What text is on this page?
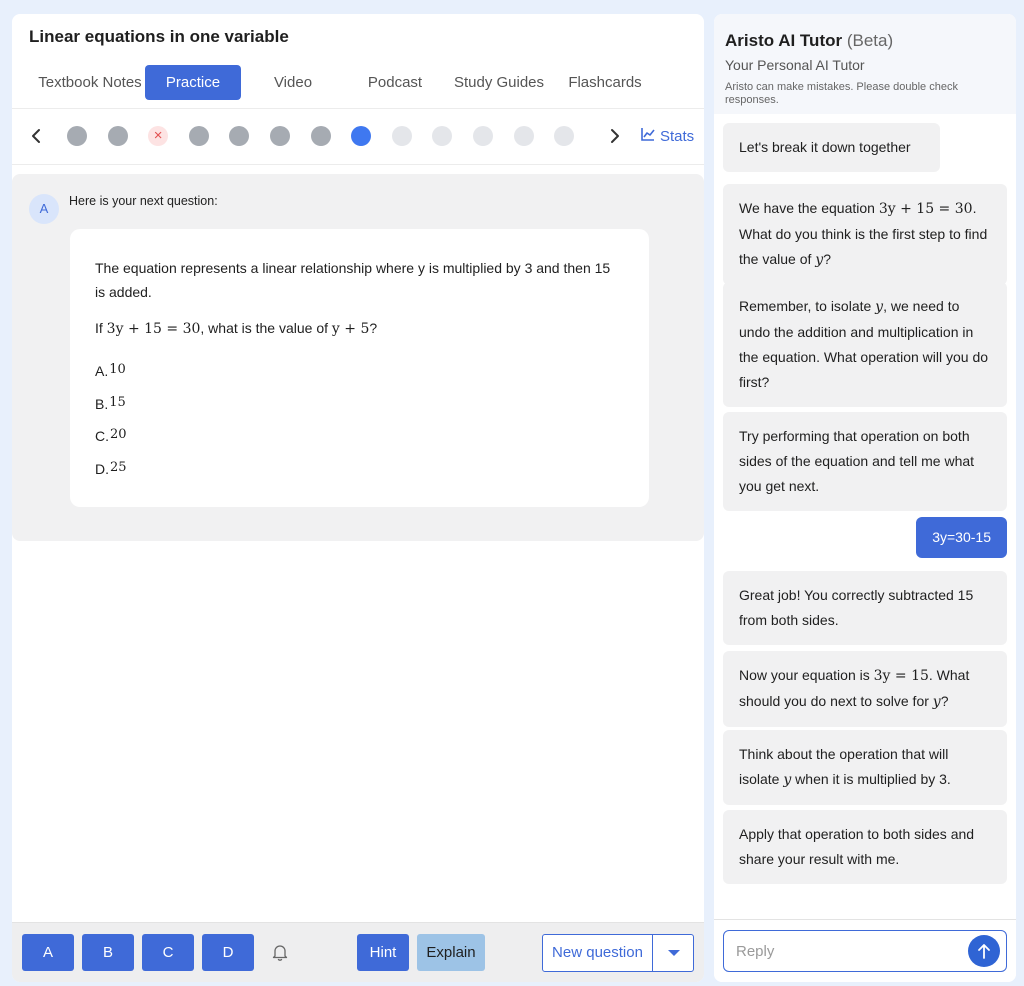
Linear equations in one variable
Textbook Notes	Practice	Video	Podcast	Study Guides	Flashcards
×	Stats
A	Here is your next question:
The equation represents a linear relationship where y is multiplied by 3 and then 15 is added.
If 3y + 15 = 30, what is the value of y + 5?
A.10
B.15
C.20
D.25
A	B	C	D	Hint	Explain	New question
Aristo AI Tutor (Beta)
Your Personal AI Tutor
Aristo can make mistakes. Please double check responses.
Let's break it down together
We have the equation 3y + 15 = 30. What do you think is the first step to find the value of y?
Remember, to isolate y, we need to undo the addition and multiplication in the equation. What operation will you do first?
Try performing that operation on both sides of the equation and tell me what you get next.
3y=30-15
Great job! You correctly subtracted 15 from both sides.
Now your equation is 3y = 15. What should you do next to solve for y?
Think about the operation that will isolate y when it is multiplied by 3.
Apply that operation to both sides and share your result with me.
Reply
